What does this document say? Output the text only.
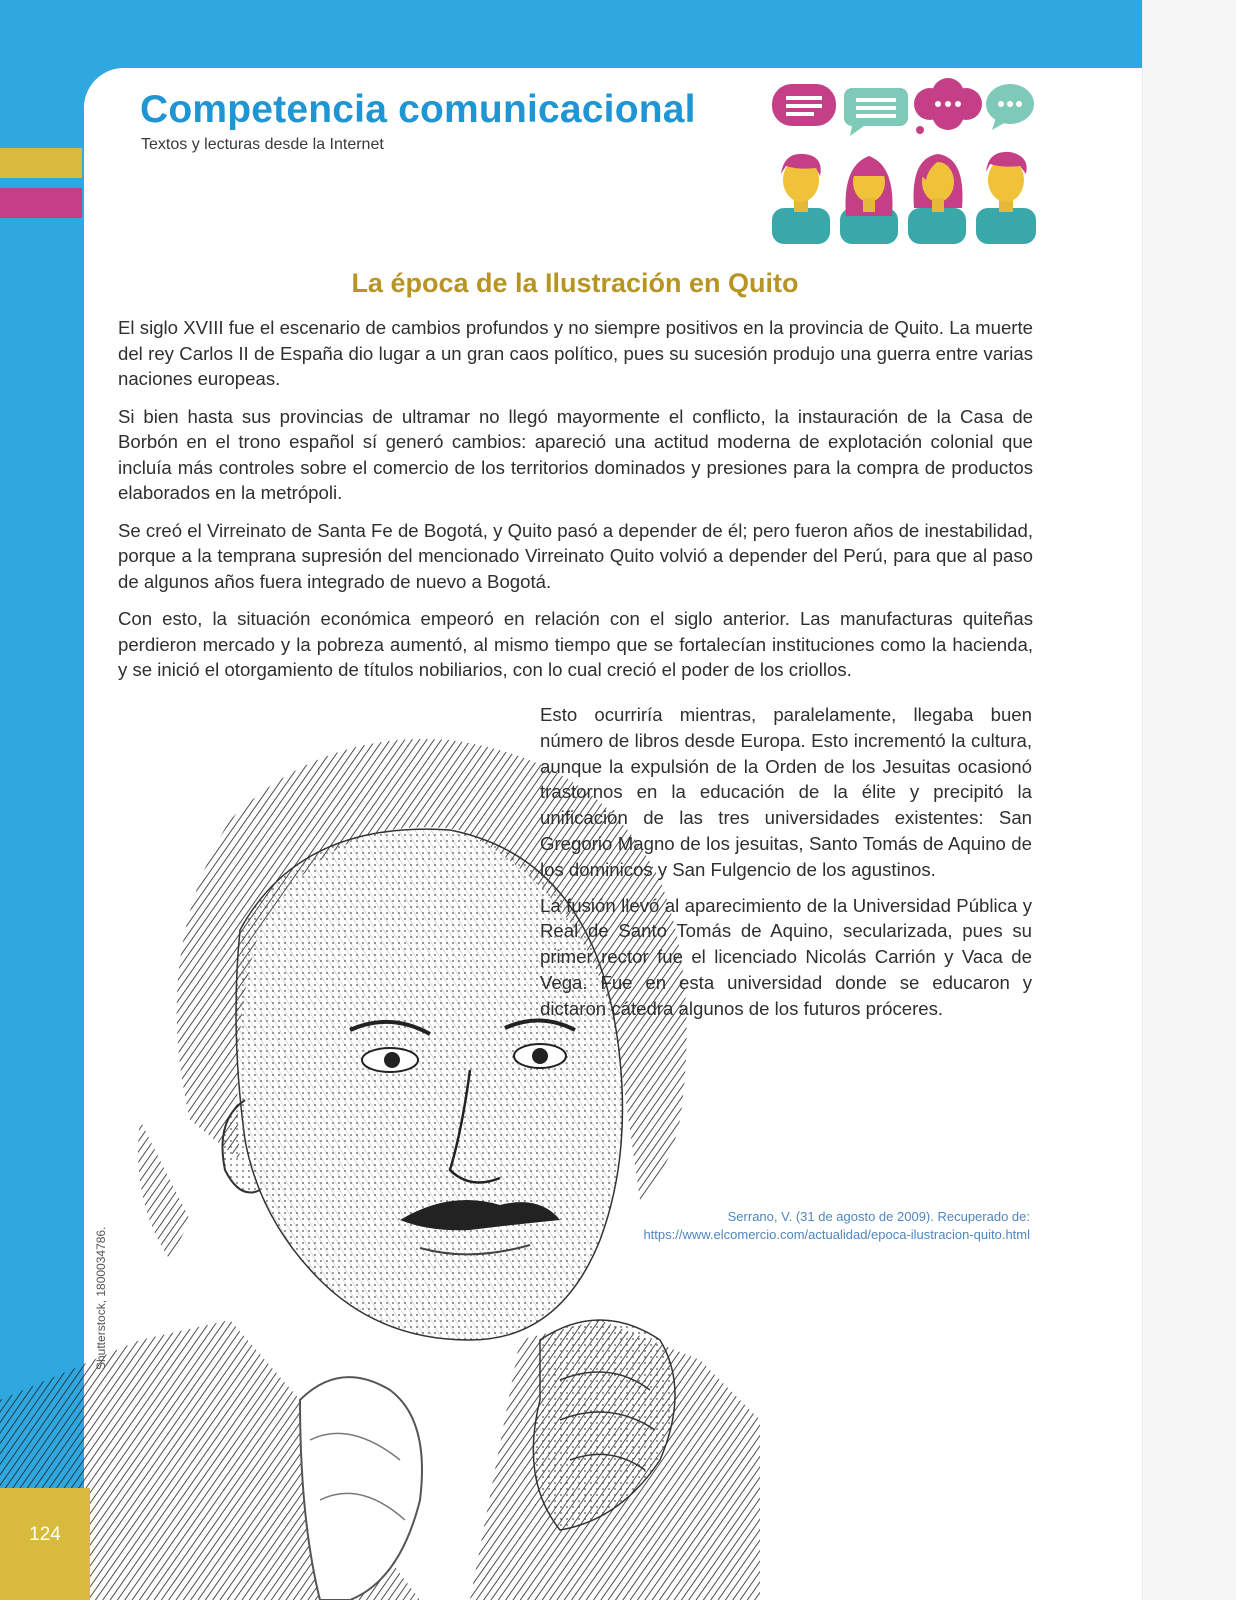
Competencia comunicacional
Textos y lecturas desde la Internet
Shutterstock, 1800034786.
La época de la Ilustración en Quito

El siglo XVIII fue el escenario de cambios profundos y no siempre positivos en la provincia de Quito. La muerte del rey Carlos II de España dio lugar a un gran caos político, pues su sucesión produjo una guerra entre varias naciones europeas.

Si bien hasta sus provincias de ultramar no llegó mayormente el conflicto, la instauración de la Casa de Borbón en el trono español sí generó cambios: apareció una actitud moderna de explotación colonial que incluía más controles sobre el comercio de los territorios dominados y presiones para la compra de productos elaborados en la metrópoli.

Se creó el Virreinato de Santa Fe de Bogotá, y Quito pasó a depender de él; pero fueron años de inestabilidad, porque a la temprana supresión del mencionado Virreinato Quito volvió a depender del Perú, para que al paso de algunos años fuera integrado de nuevo a Bogotá.

Con esto, la situación económica empeoró en relación con el siglo anterior. Las manufacturas quiteñas perdieron mercado y la pobreza aumentó, al mismo tiempo que se fortalecían instituciones como la hacienda, y se inició el otorgamiento de títulos nobiliarios, con lo cual creció el poder de los criollos.

Esto ocurriría mientras, paralelamente, llegaba buen número de libros desde Europa. Esto incrementó la cultura, aunque la expulsión de la Orden de los Jesuitas ocasionó trastornos en la educación de la élite y precipitó la unificación de las tres universidades existentes: San Gregorio Magno de los jesuitas, Santo Tomás de Aquino de los dominicos y San Fulgencio de los agustinos.

La fusión llevó al aparecimiento de la Universidad Pública y Real de Santo Tomás de Aquino, secularizada, pues su primer rector fue el licenciado Nicolás Carrión y Vaca de Vega. Fue en esta universidad donde se educaron y dictaron cátedra algunos de los futuros próceres.

Serrano, V. (31 de agosto de 2009). Recuperado de: https://www.elcomercio.com/actualidad/epoca-ilustracion-quito.html
124
